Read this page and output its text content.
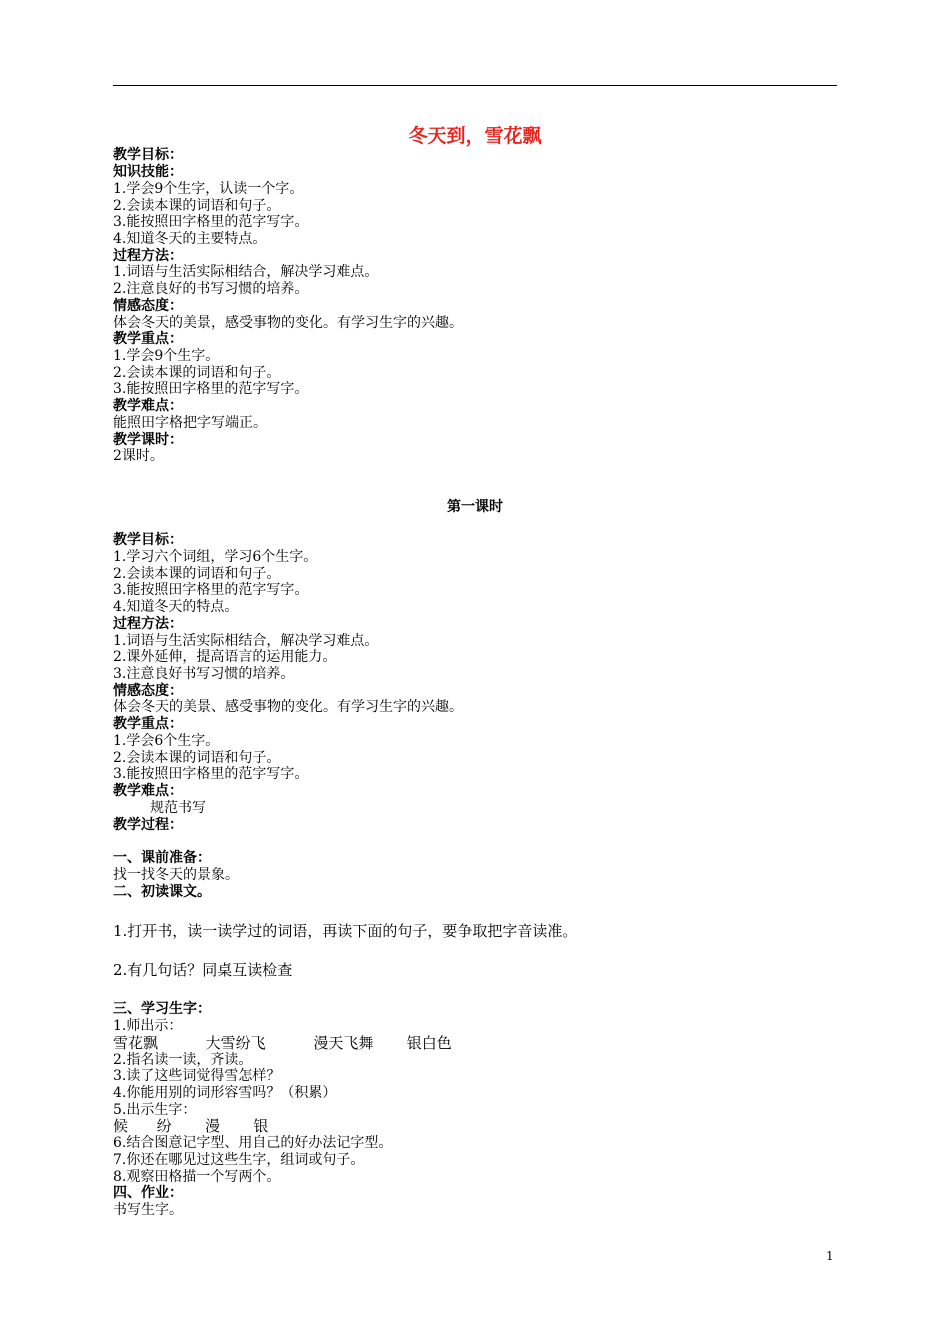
冬天到，雪花飘
教学目标：
知识技能：
1.学会9个生字，认读一个字。
2.会读本课的词语和句子。
3.能按照田字格里的范字写字。
4.知道冬天的主要特点。
过程方法：
1.词语与生活实际相结合，解决学习难点。
2.注意良好的书写习惯的培养。
情感态度：
体会冬天的美景，感受事物的变化。有学习生字的兴趣。
教学重点：
1.学会9个生字。
2.会读本课的词语和句子。
3.能按照田字格里的范字写字。
教学难点：
能照田字格把字写端正。
教学课时：
2课时。
第一课时
教学目标：
1.学习六个词组，学习6个生字。
2.会读本课的词语和句子。
3.能按照田字格里的范字写字。
4.知道冬天的特点。
过程方法：
1.词语与生活实际相结合，解决学习难点。
2.课外延伸，提高语言的运用能力。
3.注意良好书写习惯的培养。
情感态度：
体会冬天的美景、感受事物的变化。有学习生字的兴趣。
教学重点：
1.学会6个生字。
2.会读本课的词语和句子。
3.能按照田字格里的范字写字。
教学难点：
规范书写
教学过程：
一、课前准备：
找一找冬天的景象。
二、初读课文。
1.打开书，读一读学过的词语，再读下面的句子，要争取把字音读准。
2.有几句话？同桌互读检查
三、学习生字：
1.师出示：
雪花飘          大雪纷飞          漫天飞舞       银白色
2.指名读一读，齐读。
3.读了这些词觉得雪怎样？
4.你能用别的词形容雪吗？（积累）
5.出示生字：
候      纷       漫       银
6.结合图意记字型、用自己的好办法记字型。
7.你还在哪见过这些生字，组词或句子。
8.观察田格描一个写两个。
四、作业：
书写生字。
1
